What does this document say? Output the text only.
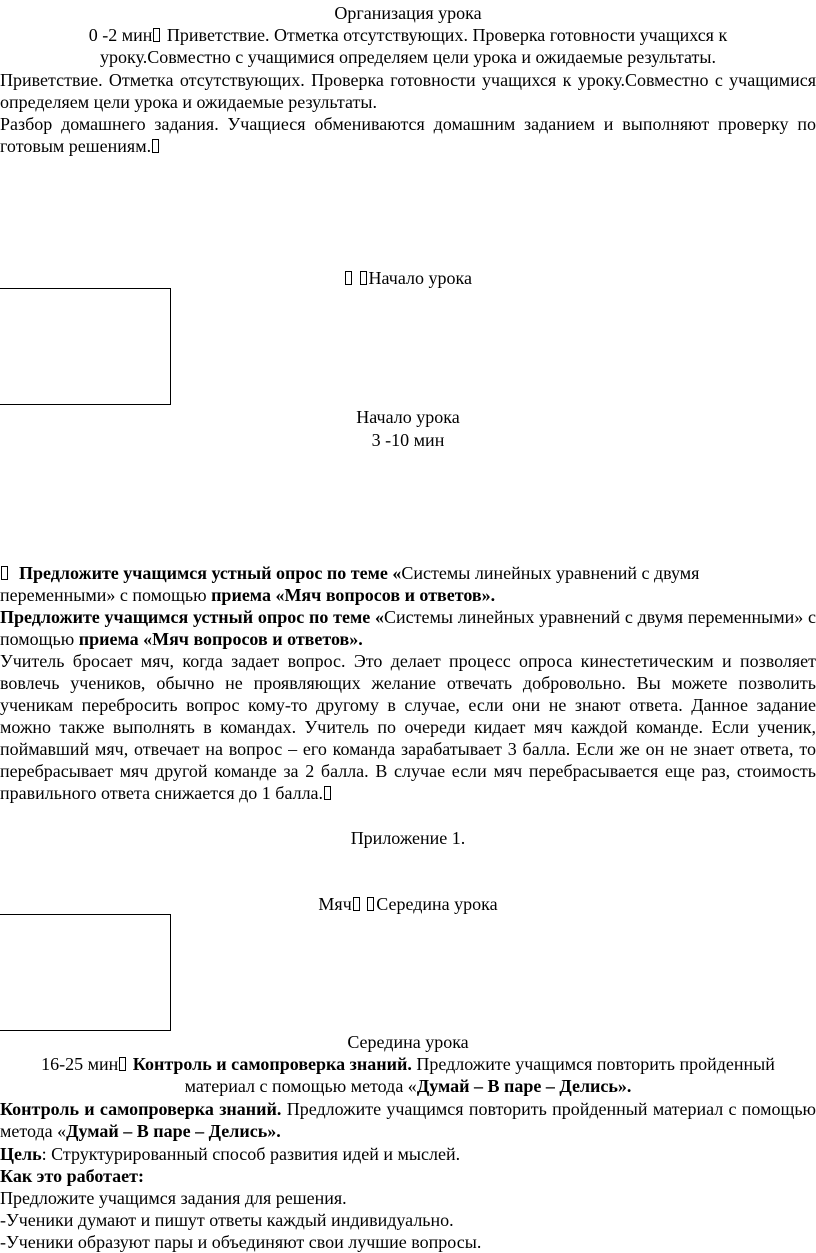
Организация урока
0 -2 мин Приветствие. Отметка отсутствующих. Проверка готовности учащихся к
уроку.Совместно с учащимися определяем цели урока и ожидаемые результаты.
Приветствие. Отметка отсутствующих. Проверка готовности учащихся к уроку.Совместно с учащимися определяем цели урока и ожидаемые результаты.
Разбор домашнего задания. Учащиеся обмениваются домашним заданием и выполняют проверку по готовым решениям.
Начало урока
Начало урока
3 -10 мин
Предложите учащимся устный опрос по теме «Системы линейных уравнений с двумя переменными» с помощью приема «Мяч вопросов и ответов».
Предложите учащимся устный опрос по теме «Системы линейных уравнений с двумя переменными» с помощью приема «Мяч вопросов и ответов».
Учитель бросает мяч, когда задает вопрос. Это делает процесс опроса кинестетическим и позволяет вовлечь учеников, обычно не проявляющих желание отвечать добровольно. Вы можете позволить ученикам перебросить вопрос кому-то другому в случае, если они не знают ответа. Данное задание можно также выполнять в командах. Учитель по очереди кидает мяч каждой команде. Если ученик, поймавший мяч, отвечает на вопрос – его команда зарабатывает 3 балла. Если же он не знает ответа, то перебрасывает мяч другой команде за 2 балла. В случае если мяч перебрасывается еще раз, стоимость правильного ответа снижается до 1 балла.
Приложение 1.
Мяч Середина урока
Середина урока
16-25 мин Контроль и самопроверка знаний. Предложите учащимся повторить пройденный
материал с помощью метода «Думай – В паре – Делись».
Контроль и самопроверка знаний. Предложите учащимся повторить пройденный материал с помощью метода «Думай – В паре – Делись».
Цель: Структурированный способ развития идей и мыслей.
Как это работает:
Предложите учащимся задания для решения.
-Ученики думают и пишут ответы каждый индивидуально.
-Ученики образуют пары и объединяют свои лучшие вопросы.
